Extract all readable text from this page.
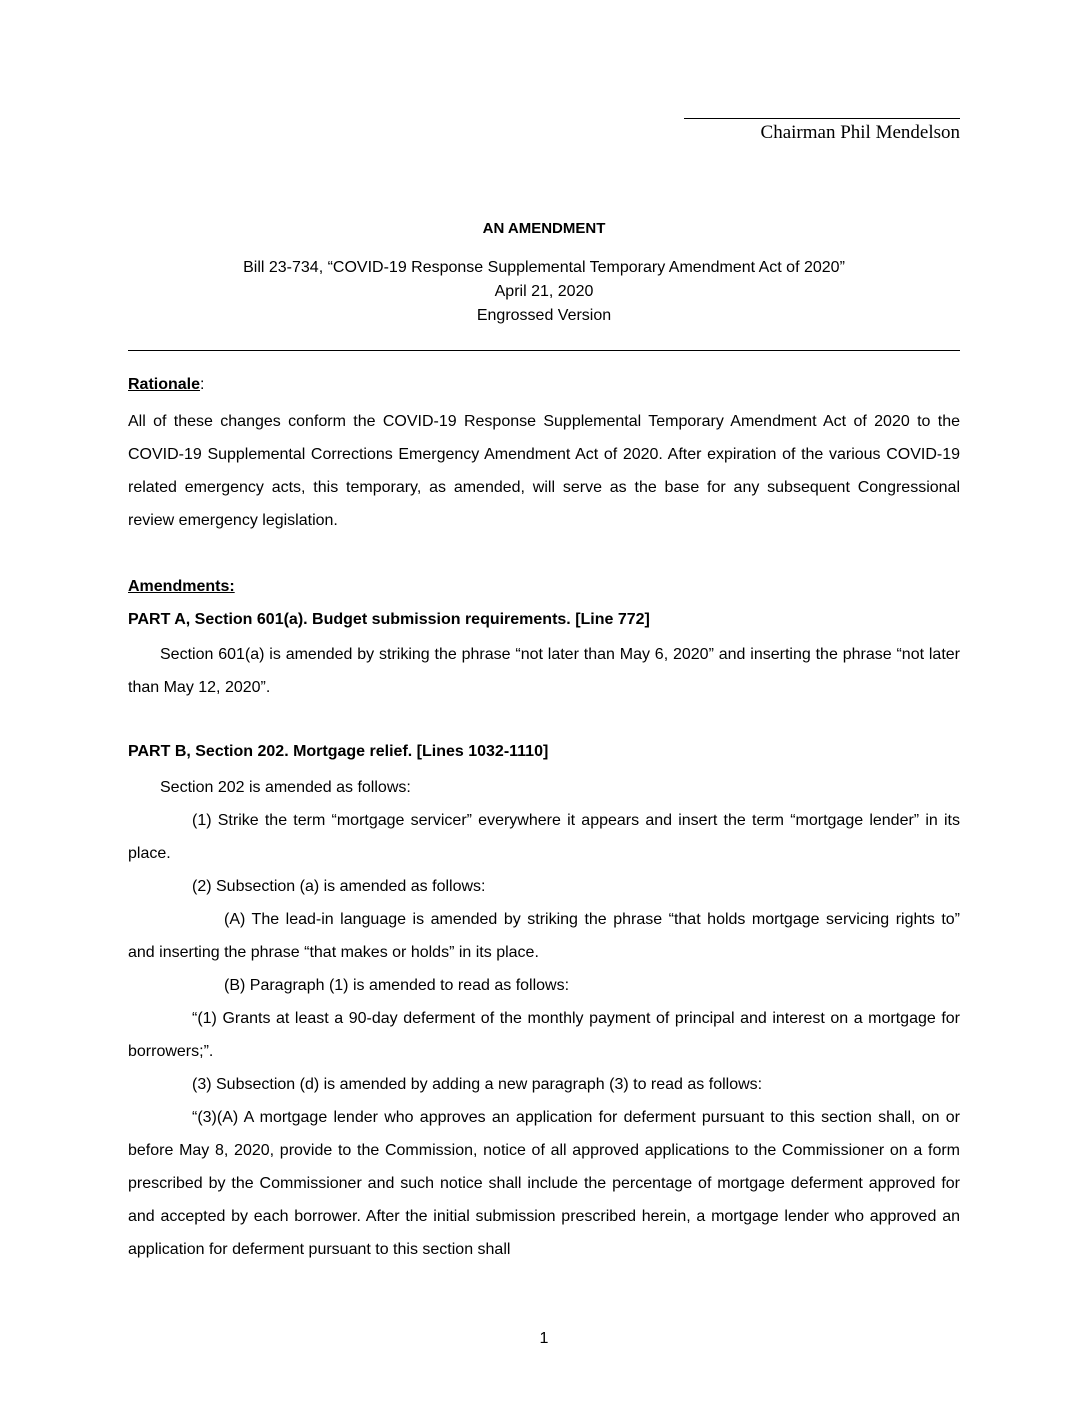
Chairman Phil Mendelson
AN AMENDMENT
Bill 23-734, “COVID-19 Response Supplemental Temporary Amendment Act of 2020”
April 21, 2020
Engrossed Version
Rationale:

All of these changes conform the COVID-19 Response Supplemental Temporary Amendment Act of 2020 to the COVID-19 Supplemental Corrections Emergency Amendment Act of 2020. After expiration of the various COVID-19 related emergency acts, this temporary, as amended, will serve as the base for any subsequent Congressional review emergency legislation.

Amendments:
PART A, Section 601(a). Budget submission requirements. [Line 772]

Section 601(a) is amended by striking the phrase “not later than May 6, 2020” and inserting the phrase “not later than May 12, 2020”.

PART B, Section 202. Mortgage relief. [Lines 1032-1110]

Section 202 is amended as follows:

(1) Strike the term “mortgage servicer” everywhere it appears and insert the term “mortgage lender” in its place.

(2) Subsection (a) is amended as follows:

(A) The lead-in language is amended by striking the phrase “that holds mortgage servicing rights to” and inserting the phrase “that makes or holds” in its place.

(B) Paragraph (1) is amended to read as follows:

“(1) Grants at least a 90-day deferment of the monthly payment of principal and interest on a mortgage for borrowers;”.

(3) Subsection (d) is amended by adding a new paragraph (3) to read as follows:

“(3)(A) A mortgage lender who approves an application for deferment pursuant to this section shall, on or before May 8, 2020, provide to the Commission, notice of all approved applications to the Commissioner on a form prescribed by the Commissioner and such notice shall include the percentage of mortgage deferment approved for and accepted by each borrower. After the initial submission prescribed herein, a mortgage lender who approved an application for deferment pursuant to this section shall

1
